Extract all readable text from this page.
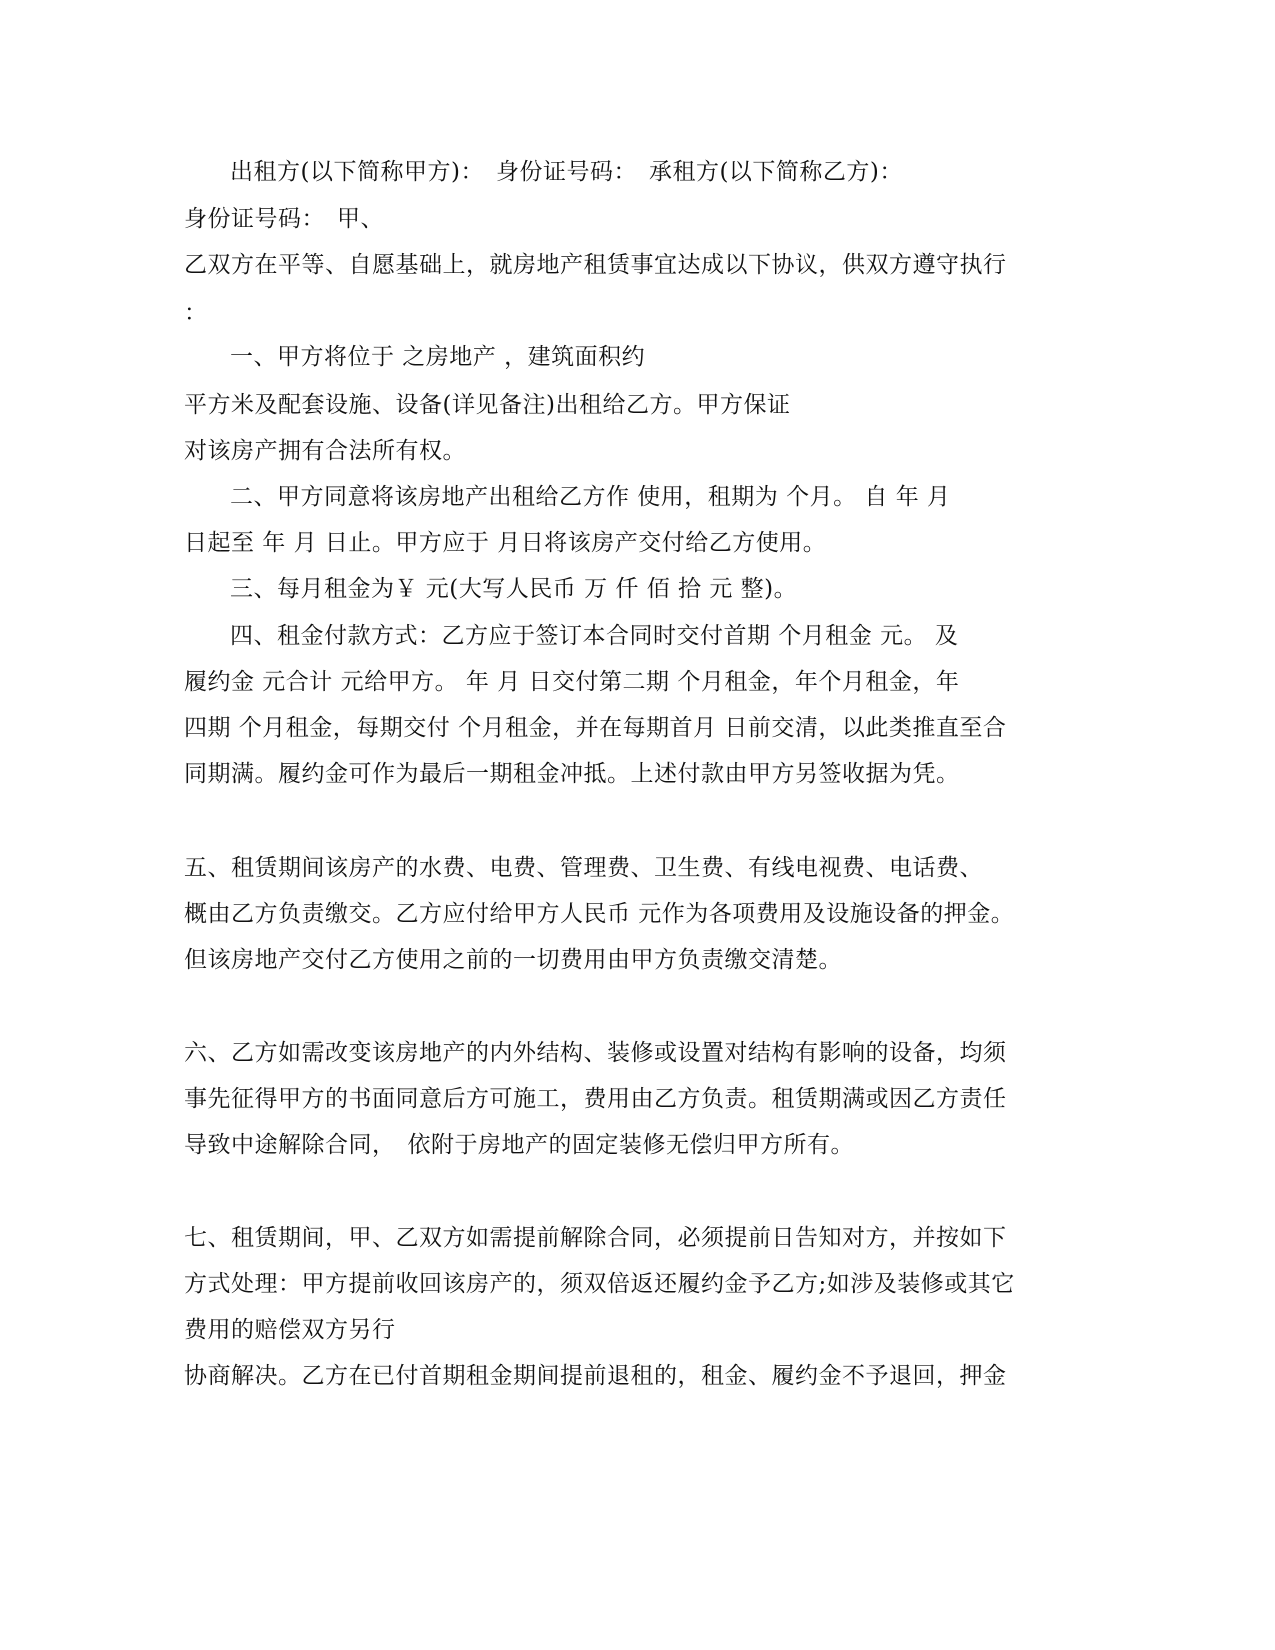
出租方(以下简称甲方)：　身份证号码：　承租方(以下简称乙方)：
身份证号码：　甲、
乙双方在平等、自愿基础上，就房地产租赁事宜达成以下协议，供双方遵守执行
：
一、甲方将位于 之房地产 ，建筑面积约
平方米及配套设施、设备(详见备注)出租给乙方。甲方保证
对该房产拥有合法所有权。
二、甲方同意将该房地产出租给乙方作 使用，租期为 个月。 自 年 月
日起至 年 月 日止。甲方应于 月日将该房产交付给乙方使用。
三、每月租金为￥ 元(大写人民币 万 仟 佰 拾 元 整)。
四、租金付款方式：乙方应于签订本合同时交付首期 个月租金 元。 及
履约金 元合计 元给甲方。 年 月 日交付第二期 个月租金，年个月租金，年
四期 个月租金，每期交付 个月租金，并在每期首月 日前交清，以此类推直至合
同期满。履约金可作为最后一期租金冲抵。上述付款由甲方另签收据为凭。
五、租赁期间该房产的水费、电费、管理费、卫生费、有线电视费、电话费、
概由乙方负责缴交。乙方应付给甲方人民币 元作为各项费用及设施设备的押金。
但该房地产交付乙方使用之前的一切费用由甲方负责缴交清楚。
六、乙方如需改变该房地产的内外结构、装修或设置对结构有影响的设备，均须
事先征得甲方的书面同意后方可施工，费用由乙方负责。租赁期满或因乙方责任
导致中途解除合同，　依附于房地产的固定装修无偿归甲方所有。
七、租赁期间，甲、乙双方如需提前解除合同，必须提前日告知对方，并按如下
方式处理：甲方提前收回该房产的，须双倍返还履约金予乙方;如涉及装修或其它
费用的赔偿双方另行
协商解决。乙方在已付首期租金期间提前退租的，租金、履约金不予退回，押金
